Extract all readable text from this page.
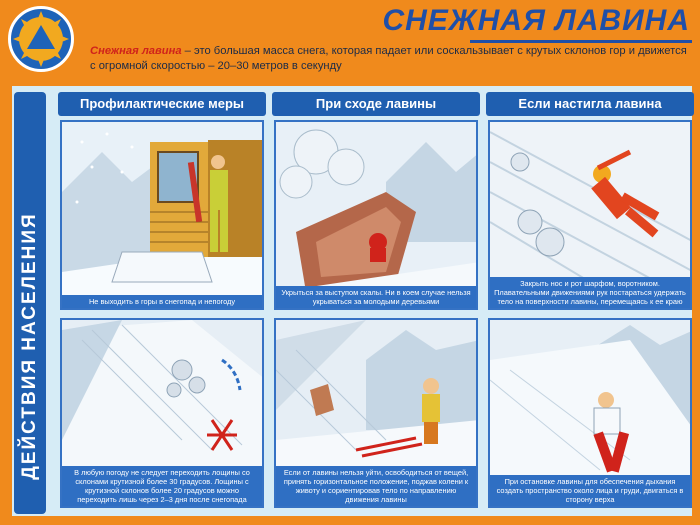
СНЕЖНАЯ ЛАВИНА
Снежная лавина – это большая масса снега, которая падает или соскальзывает с крутых склонов гор и движется с огромной скоростью – 20–30 метров в секунду
ДЕЙСТВИЯ НАСЕЛЕНИЯ
Профилактические меры
Не выходить в горы в снегопад и непогоду
В любую погоду не следует переходить лощины со склонами крутизной более 30 градусов. Лощины с крутизной склонов более 20 градусов можно переходить лишь через 2–3 дня после снегопада
При сходе лавины
Укрыться за выступом скалы. Ни в коем случае нельзя укрываться за молодыми деревьями
Если от лавины нельзя уйти, освободиться от вещей, принять горизонтальное положение, поджав колени к животу и сориентировав тело по направлению движения лавины
Если настигла лавина
Закрыть нос и рот шарфом, воротником. Плавательными движениями рук постараться удержать тело на поверхности лавины, перемещаясь к ее краю
При остановке лавины для обеспечения дыхания создать пространство около лица и груди, двигаться в сторону верха
